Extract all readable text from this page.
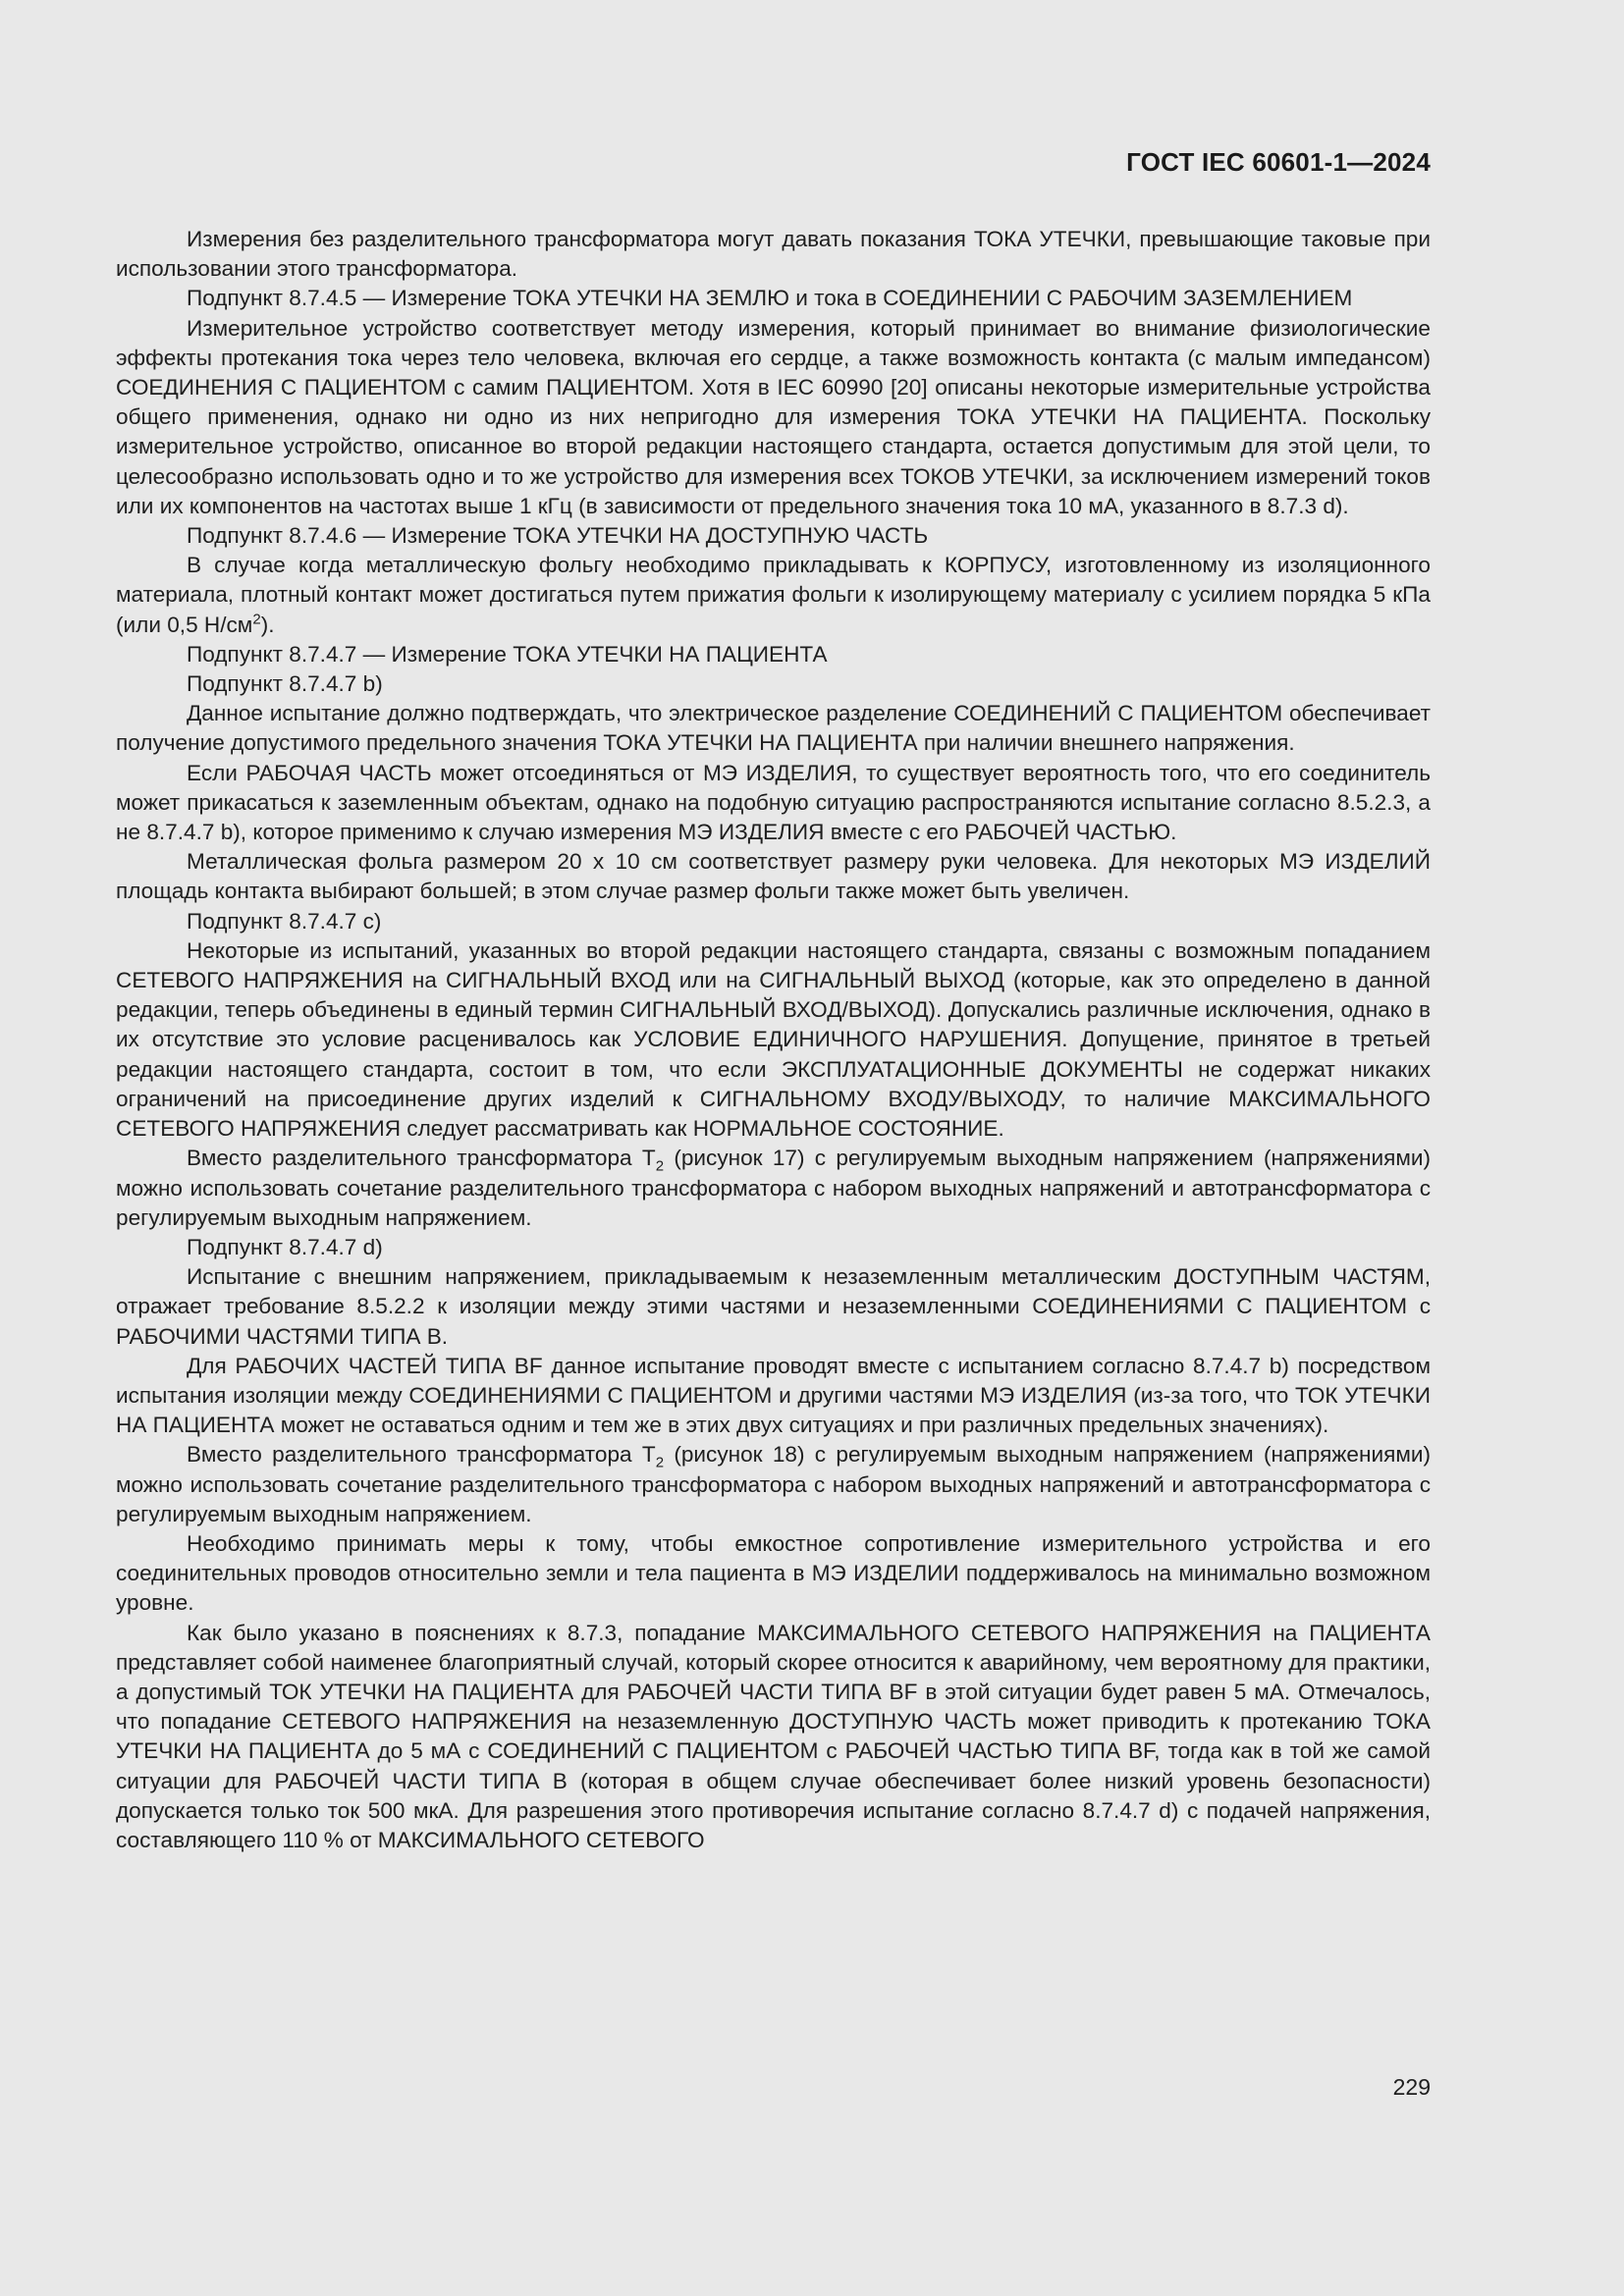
ГОСТ IEC 60601-1—2024

Измерения без разделительного трансформатора могут давать показания ТОКА УТЕЧКИ, превышающие таковые при использовании этого трансформатора.

Подпункт 8.7.4.5 — Измерение ТОКА УТЕЧКИ НА ЗЕМЛЮ и тока в СОЕДИНЕНИИ С РАБОЧИМ ЗАЗЕМЛЕНИЕМ

Измерительное устройство соответствует методу измерения, который принимает во внимание физиологические эффекты протекания тока через тело человека, включая его сердце, а также возможность контакта (с малым импедансом) СОЕДИНЕНИЯ С ПАЦИЕНТОМ с самим ПАЦИЕНТОМ. Хотя в IEC 60990 [20] описаны некоторые измерительные устройства общего применения, однако ни одно из них непригодно для измерения ТОКА УТЕЧКИ НА ПАЦИЕНТА. Поскольку измерительное устройство, описанное во второй редакции настоящего стандарта, остается допустимым для этой цели, то целесообразно использовать одно и то же устройство для измерения всех ТОКОВ УТЕЧКИ, за исключением измерений токов или их компонентов на частотах выше 1 кГц (в зависимости от предельного значения тока 10 мА, указанного в 8.7.3 d).

Подпункт 8.7.4.6 — Измерение ТОКА УТЕЧКИ НА ДОСТУПНУЮ ЧАСТЬ

В случае когда металлическую фольгу необходимо прикладывать к КОРПУСУ, изготовленному из изоляционного материала, плотный контакт может достигаться путем прижатия фольги к изолирующему материалу с усилием порядка 5 кПа (или 0,5 $Н/см^2$).

Подпункт 8.7.4.7 — Измерение ТОКА УТЕЧКИ НА ПАЦИЕНТА

Подпункт 8.7.4.7 b)

Данное испытание должно подтверждать, что электрическое разделение СОЕДИНЕНИЙ С ПАЦИЕНТОМ обеспечивает получение допустимого предельного значения ТОКА УТЕЧКИ НА ПАЦИЕНТА при наличии внешнего напряжения.

Если РАБОЧАЯ ЧАСТЬ может отсоединяться от МЭ ИЗДЕЛИЯ, то существует вероятность того, что его соединитель может прикасаться к заземленным объектам, однако на подобную ситуацию распространяются испытание согласно 8.5.2.3, а не 8.7.4.7 b), которое применимо к случаю измерения МЭ ИЗДЕЛИЯ вместе с его РАБОЧЕЙ ЧАСТЬЮ.

Металлическая фольга размером 20 х 10 см соответствует размеру руки человека. Для некоторых МЭ ИЗДЕЛИЙ площадь контакта выбирают большей; в этом случае размер фольги также может быть увеличен.

Подпункт 8.7.4.7 c)

Некоторые из испытаний, указанных во второй редакции настоящего стандарта, связаны с возможным попаданием СЕТЕВОГО НАПРЯЖЕНИЯ на СИГНАЛЬНЫЙ ВХОД или на СИГНАЛЬНЫЙ ВЫХОД (которые, как это определено в данной редакции, теперь объединены в единый термин СИГНАЛЬНЫЙ ВХОД/ВЫХОД). Допускались различные исключения, однако в их отсутствие это условие расценивалось как УСЛОВИЕ ЕДИНИЧНОГО НАРУШЕНИЯ. Допущение, принятое в третьей редакции настоящего стандарта, состоит в том, что если ЭКСПЛУАТАЦИОННЫЕ ДОКУМЕНТЫ не содержат никаких ограничений на присоединение других изделий к СИГНАЛЬНОМУ ВХОДУ/ВЫХОДУ, то наличие МАКСИМАЛЬНОГО СЕТЕВОГО НАПРЯЖЕНИЯ следует рассматривать как НОРМАЛЬНОЕ СОСТОЯНИЕ.

Вместо разделительного трансформатора $T_2$ (рисунок 17) с регулируемым выходным напряжением (напряжениями) можно использовать сочетание разделительного трансформатора с набором выходных напряжений и автотрансформатора с регулируемым выходным напряжением.

Подпункт 8.7.4.7 d)

Испытание с внешним напряжением, прикладываемым к незаземленным металлическим ДОСТУПНЫМ ЧАСТЯМ, отражает требование 8.5.2.2 к изоляции между этими частями и незаземленными СОЕДИНЕНИЯМИ С ПАЦИЕНТОМ с РАБОЧИМИ ЧАСТЯМИ ТИПА В.

Для РАБОЧИХ ЧАСТЕЙ ТИПА BF данное испытание проводят вместе с испытанием согласно 8.7.4.7 b) посредством испытания изоляции между СОЕДИНЕНИЯМИ С ПАЦИЕНТОМ и другими частями МЭ ИЗДЕЛИЯ (из-за того, что ТОК УТЕЧКИ НА ПАЦИЕНТА может не оставаться одним и тем же в этих двух ситуациях и при различных предельных значениях).

Вместо разделительного трансформатора $T_2$ (рисунок 18) с регулируемым выходным напряжением (напряжениями) можно использовать сочетание разделительного трансформатора с набором выходных напряжений и автотрансформатора с регулируемым выходным напряжением.

Необходимо принимать меры к тому, чтобы емкостное сопротивление измерительного устройства и его соединительных проводов относительно земли и тела пациента в МЭ ИЗДЕЛИИ поддерживалось на минимально возможном уровне.

Как было указано в пояснениях к 8.7.3, попадание МАКСИМАЛЬНОГО СЕТЕВОГО НАПРЯЖЕНИЯ на ПАЦИЕНТА представляет собой наименее благоприятный случай, который скорее относится к аварийному, чем вероятному для практики, а допустимый ТОК УТЕЧКИ НА ПАЦИЕНТА для РАБОЧЕЙ ЧАСТИ ТИПА BF в этой ситуации будет равен 5 мА. Отмечалось, что попадание СЕТЕВОГО НАПРЯЖЕНИЯ на незаземленную ДОСТУПНУЮ ЧАСТЬ может приводить к протеканию ТОКА УТЕЧКИ НА ПАЦИЕНТА до 5 мА с СОЕДИНЕНИЙ С ПАЦИЕНТОМ с РАБОЧЕЙ ЧАСТЬЮ ТИПА BF, тогда как в той же самой ситуации для РАБОЧЕЙ ЧАСТИ ТИПА В (которая в общем случае обеспечивает более низкий уровень безопасности) допускается только ток 500 мкА. Для разрешения этого противоречия испытание согласно 8.7.4.7 d) с подачей напряжения, составляющего 110 % от МАКСИМАЛЬНОГО СЕТЕВОГО

229
